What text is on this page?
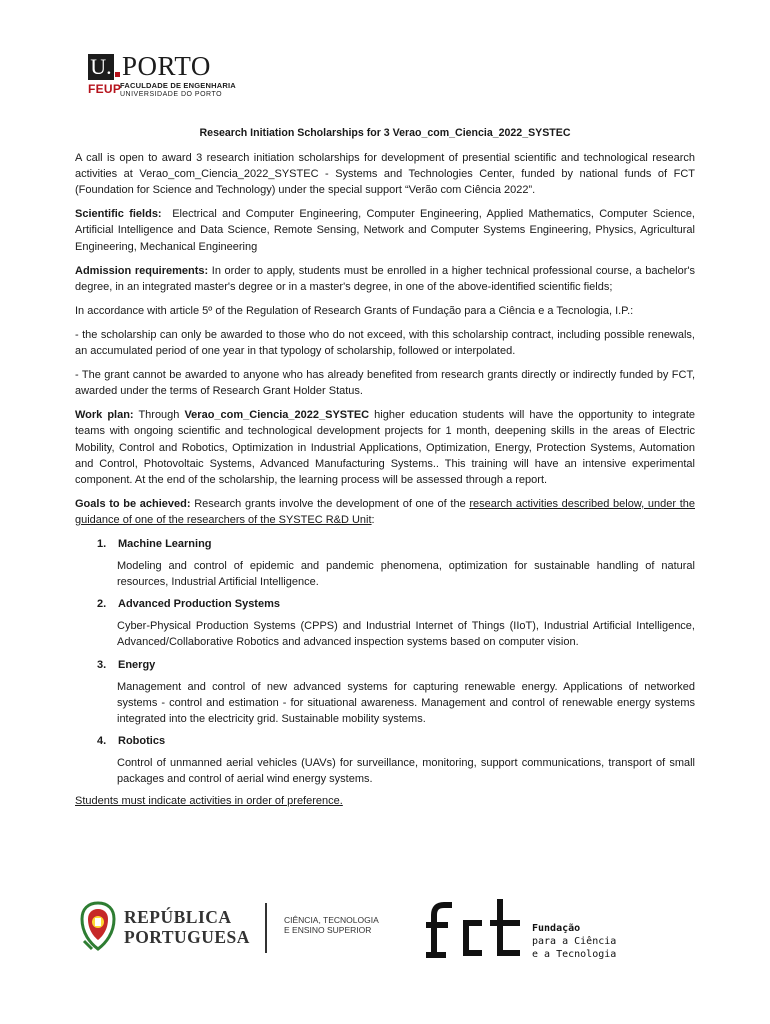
U. PORTO
FEUP
FACULDADE DE ENGENHARIA
UNIVERSIDADE DO PORTO
Research Initiation Scholarships for 3 Verao_com_Ciencia_2022_SYSTEC

A call is open to award 3 research initiation scholarships for development of presential scientific and technological research activities at Verao_com_Ciencia_2022_SYSTEC - Systems and Technologies Center, funded by national funds of FCT (Foundation for Science and Technology) under the special support “Verão com Ciência 2022”.

Scientific fields: Electrical and Computer Engineering, Computer Engineering, Applied Mathematics, Computer Science, Artificial Intelligence and Data Science, Remote Sensing, Network and Computer Systems Engineering, Physics, Agricultural Engineering, Mechanical Engineering

Admission requirements: In order to apply, students must be enrolled in a higher technical professional course, a bachelor's degree, in an integrated master's degree or in a master's degree, in one of the above-identified scientific fields;

In accordance with article 5º of the Regulation of Research Grants of Fundação para a Ciência e a Tecnologia, I.P.:

- the scholarship can only be awarded to those who do not exceed, with this scholarship contract, including possible renewals, an accumulated period of one year in that typology of scholarship, followed or interpolated.

- The grant cannot be awarded to anyone who has already benefited from research grants directly or indirectly funded by FCT, awarded under the terms of Research Grant Holder Status.

Work plan: Through Verao_com_Ciencia_2022_SYSTEC higher education students will have the opportunity to integrate teams with ongoing scientific and technological development projects for 1 month, deepening skills in the areas of Electric Mobility, Control and Robotics, Optimization in Industrial Applications, Optimization, Energy, Protection Systems, Automation and Control, Photovoltaic Systems, Advanced Manufacturing Systems.. This training will have an intensive experimental component. At the end of the scholarship, the learning process will be assessed through a report.

Goals to be achieved: Research grants involve the development of one of the research activities described below, under the guidance of one of the researchers of the SYSTEC R&D Unit:

1. Machine Learning
Modeling and control of epidemic and pandemic phenomena, optimization for sustainable handling of natural resources, Industrial Artificial Intelligence.
2. Advanced Production Systems
Cyber-Physical Production Systems (CPPS) and Industrial Internet of Things (IIoT), Industrial Artificial Intelligence, Advanced/Collaborative Robotics and advanced inspection systems based on computer vision.
3. Energy
Management and control of new advanced systems for capturing renewable energy. Applications of networked systems - control and estimation - for situational awareness. Management and control of renewable energy systems integrated into the electricity grid. Sustainable mobility systems.
4. Robotics
Control of unmanned aerial vehicles (UAVs) for surveillance, monitoring, support communications, transport of small packages and control of aerial wind energy systems.

Students must indicate activities in order of preference.

REPÚBLICA
PORTUGUESA
CIÊNCIA, TECNOLOGIA
E ENSINO SUPERIOR	Fundação
para a Ciência
e a Tecnologia
